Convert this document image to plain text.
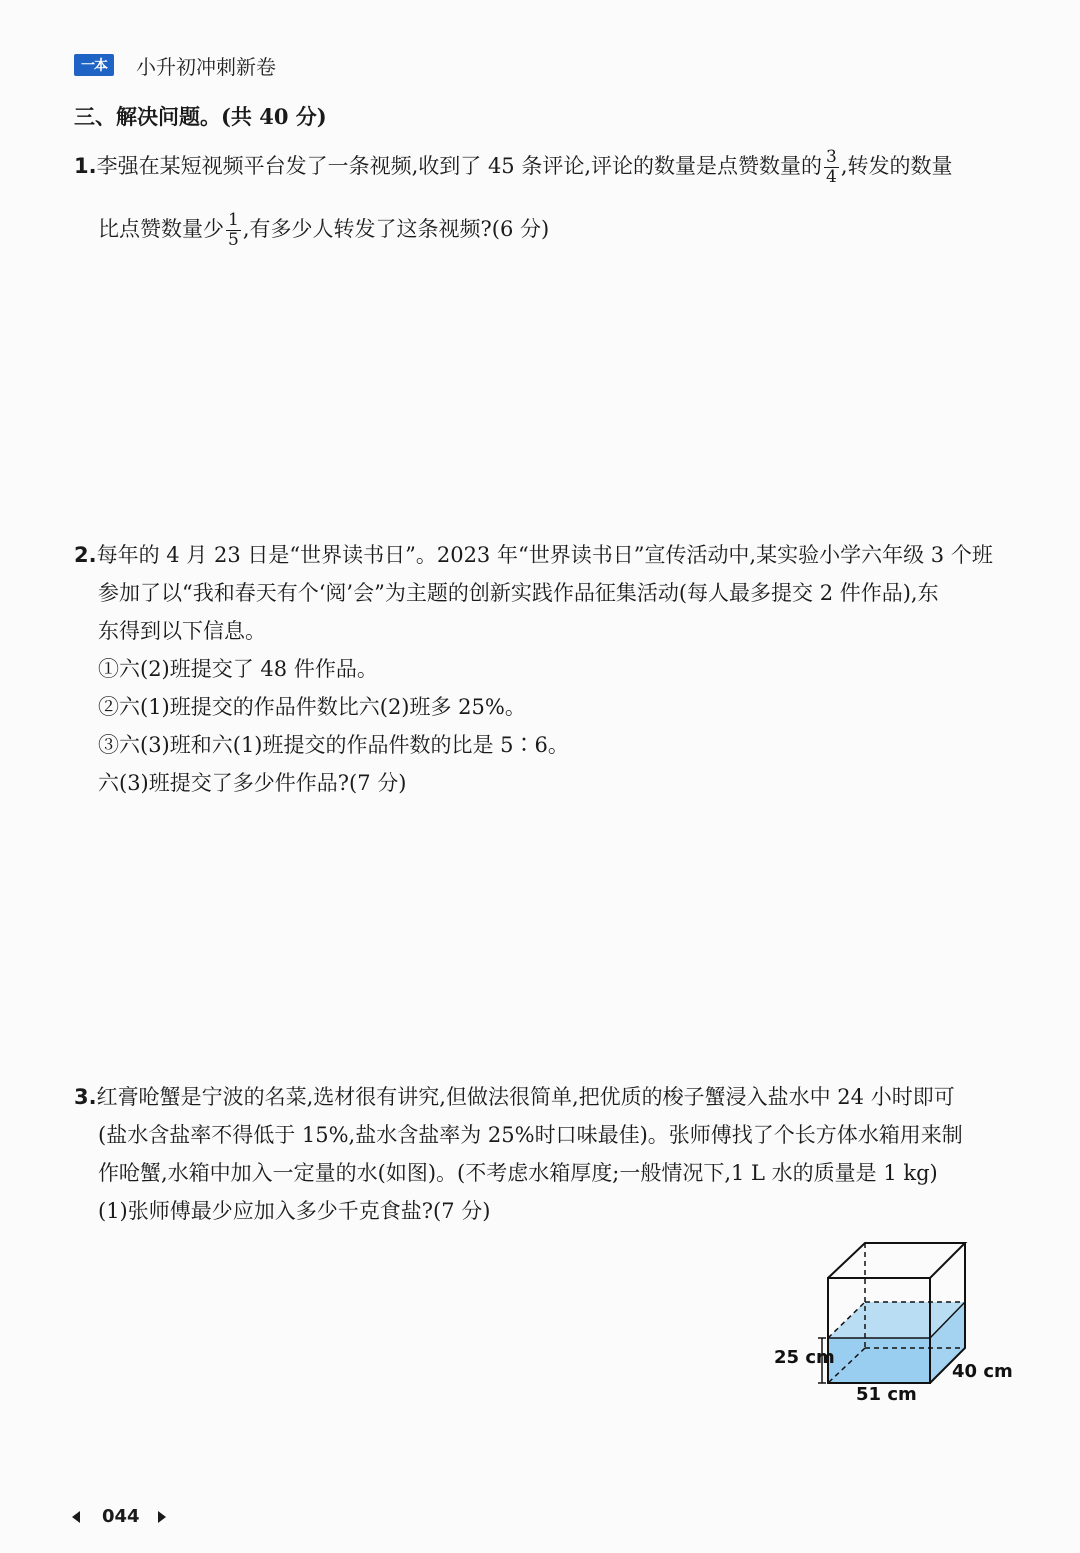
一本	小升初冲刺新卷
三、解决问题。(共 40 分)
1.李强在某短视频平台发了一条视频,收到了 45 条评论,评论的数量是点赞数量的 $\frac{3}{4}$ ,转发的数量
比点赞数量少 $\frac{1}{5}$ ,有多少人转发了这条视频?(6 分)
2.每年的 4 月 23 日是“世界读书日”。2023 年“世界读书日”宣传活动中,某实验小学六年级 3 个班
参加了以“我和春天有个‘阅’会”为主题的创新实践作品征集活动(每人最多提交 2 件作品),东
东得到以下信息。
①六(2)班提交了 48 件作品。
②六(1)班提交的作品件数比六(2)班多 25%。
③六(3)班和六(1)班提交的作品件数的比是 5∶6。
六(3)班提交了多少件作品?(7 分)
3.红膏呛蟹是宁波的名菜,选材很有讲究,但做法很简单,把优质的梭子蟹浸入盐水中 24 小时即可
(盐水含盐率不得低于 15%,盐水含盐率为 25%时口味最佳)。张师傅找了个长方体水箱用来制
作呛蟹,水箱中加入一定量的水(如图)。(不考虑水箱厚度;一般情况下,1 L 水的质量是 1 kg)
(1)张师傅最少应加入多少千克食盐?(7 分)
25 cm
40 cm
51 cm
044
